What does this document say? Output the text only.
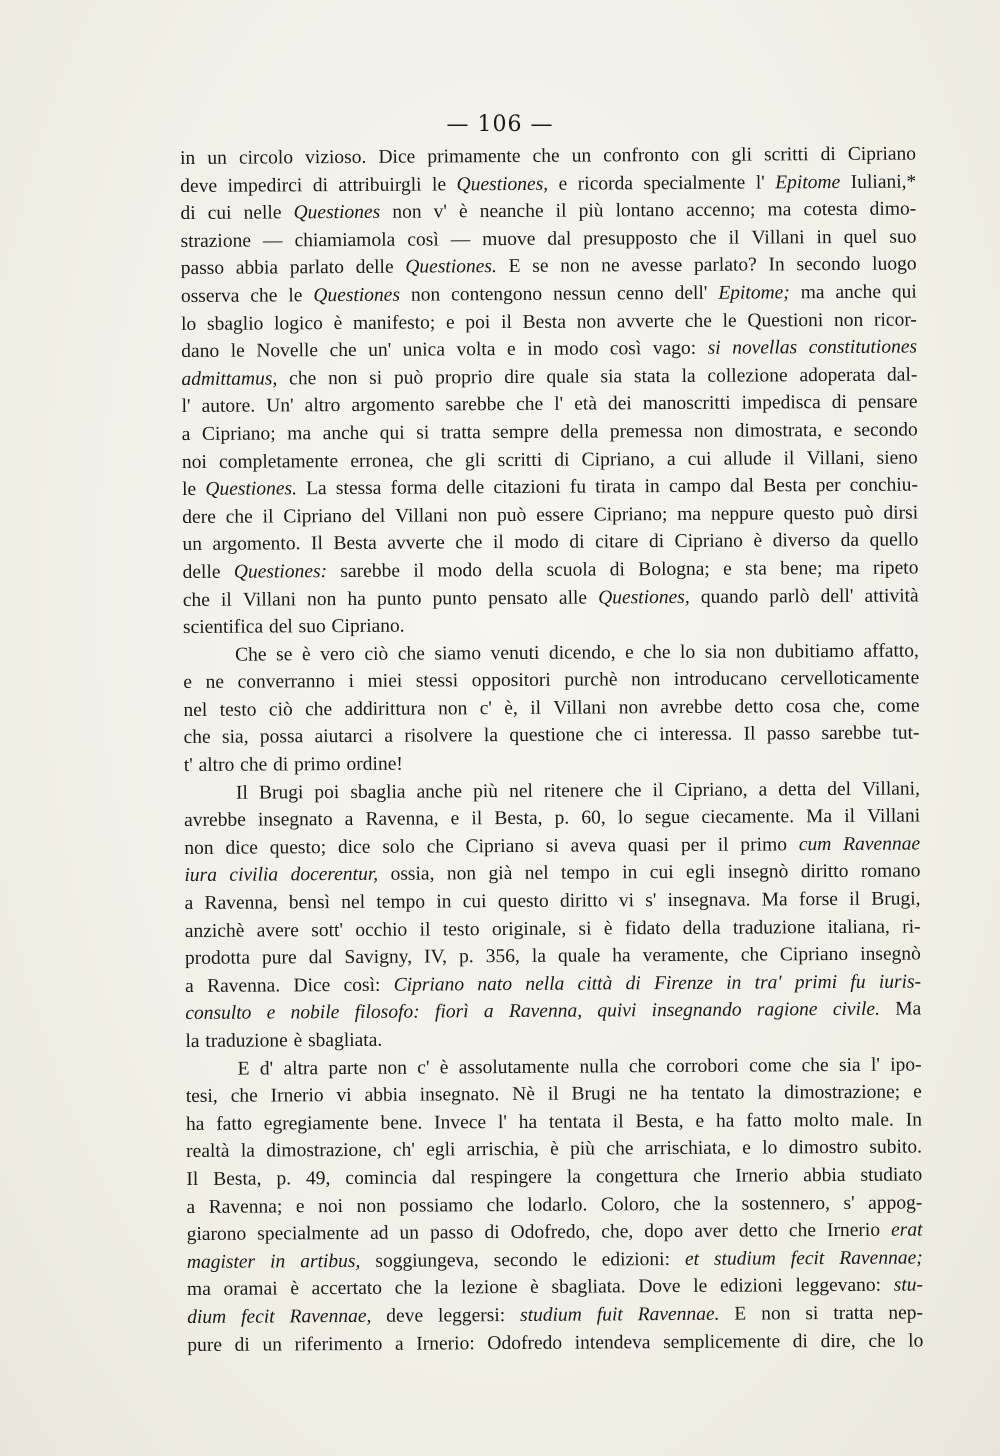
— 106 —
in un circolo vizioso. Dice primamente che un confronto con gli scritti di Cipriano
deve impedirci di attribuirgli le Questiones, e ricorda specialmente l' Epitome Iuliani,*
di cui nelle Questiones non v' è neanche il più lontano accenno; ma cotesta dimo-
strazione — chiamiamola così — muove dal presupposto che il Villani in quel suo
passo abbia parlato delle Questiones. E se non ne avesse parlato? In secondo luogo
osserva che le Questiones non contengono nessun cenno dell' Epitome; ma anche qui
lo sbaglio logico è manifesto; e poi il Besta non avverte che le Questioni non ricor-
dano le Novelle che un' unica volta e in modo così vago: si novellas constitutiones
admittamus, che non si può proprio dire quale sia stata la collezione adoperata dal-
l' autore. Un' altro argomento sarebbe che l' età dei manoscritti impedisca di pensare
a Cipriano; ma anche qui si tratta sempre della premessa non dimostrata, e secondo
noi completamente erronea, che gli scritti di Cipriano, a cui allude il Villani, sieno
le Questiones. La stessa forma delle citazioni fu tirata in campo dal Besta per conchiu-
dere che il Cipriano del Villani non può essere Cipriano; ma neppure questo può dirsi
un argomento. Il Besta avverte che il modo di citare di Cipriano è diverso da quello
delle Questiones: sarebbe il modo della scuola di Bologna; e sta bene; ma ripeto
che il Villani non ha punto punto pensato alle Questiones, quando parlò dell' attività
scientifica del suo Cipriano.
Che se è vero ciò che siamo venuti dicendo, e che lo sia non dubitiamo affatto,
e ne converranno i miei stessi oppositori purchè non introducano cervelloticamente
nel testo ciò che addirittura non c' è, il Villani non avrebbe detto cosa che, come
che sia, possa aiutarci a risolvere la questione che ci interessa. Il passo sarebbe tut-
t' altro che di primo ordine!
Il Brugi poi sbaglia anche più nel ritenere che il Cipriano, a detta del Villani,
avrebbe insegnato a Ravenna, e il Besta, p. 60, lo segue ciecamente. Ma il Villani
non dice questo; dice solo che Cipriano si aveva quasi per il primo cum Ravennae
iura civilia docerentur, ossia, non già nel tempo in cui egli insegnò diritto romano
a Ravenna, bensì nel tempo in cui questo diritto vi s' insegnava. Ma forse il Brugi,
anzichè avere sott' occhio il testo originale, si è fidato della traduzione italiana, ri-
prodotta pure dal Savigny, IV, p. 356, la quale ha veramente, che Cipriano insegnò
a Ravenna. Dice così: Cipriano nato nella città di Firenze in tra' primi fu iuris-
consulto e nobile filosofo: fiorì a Ravenna, quivi insegnando ragione civile. Ma
la traduzione è sbagliata.
E d' altra parte non c' è assolutamente nulla che corrobori come che sia l' ipo-
tesi, che Irnerio vi abbia insegnato. Nè il Brugi ne ha tentato la dimostrazione; e
ha fatto egregiamente bene. Invece l' ha tentata il Besta, e ha fatto molto male. In
realtà la dimostrazione, ch' egli arrischia, è più che arrischiata, e lo dimostro subito.
Il Besta, p. 49, comincia dal respingere la congettura che Irnerio abbia studiato
a Ravenna; e noi non possiamo che lodarlo. Coloro, che la sostennero, s' appog-
giarono specialmente ad un passo di Odofredo, che, dopo aver detto che Irnerio erat
magister in artibus, soggiungeva, secondo le edizioni: et studium fecit Ravennae;
ma oramai è accertato che la lezione è sbagliata. Dove le edizioni leggevano: stu-
dium fecit Ravennae, deve leggersi: studium fuit Ravennae. E non si tratta nep-
pure di un riferimento a Irnerio: Odofredo intendeva semplicemente di dire, che lo
